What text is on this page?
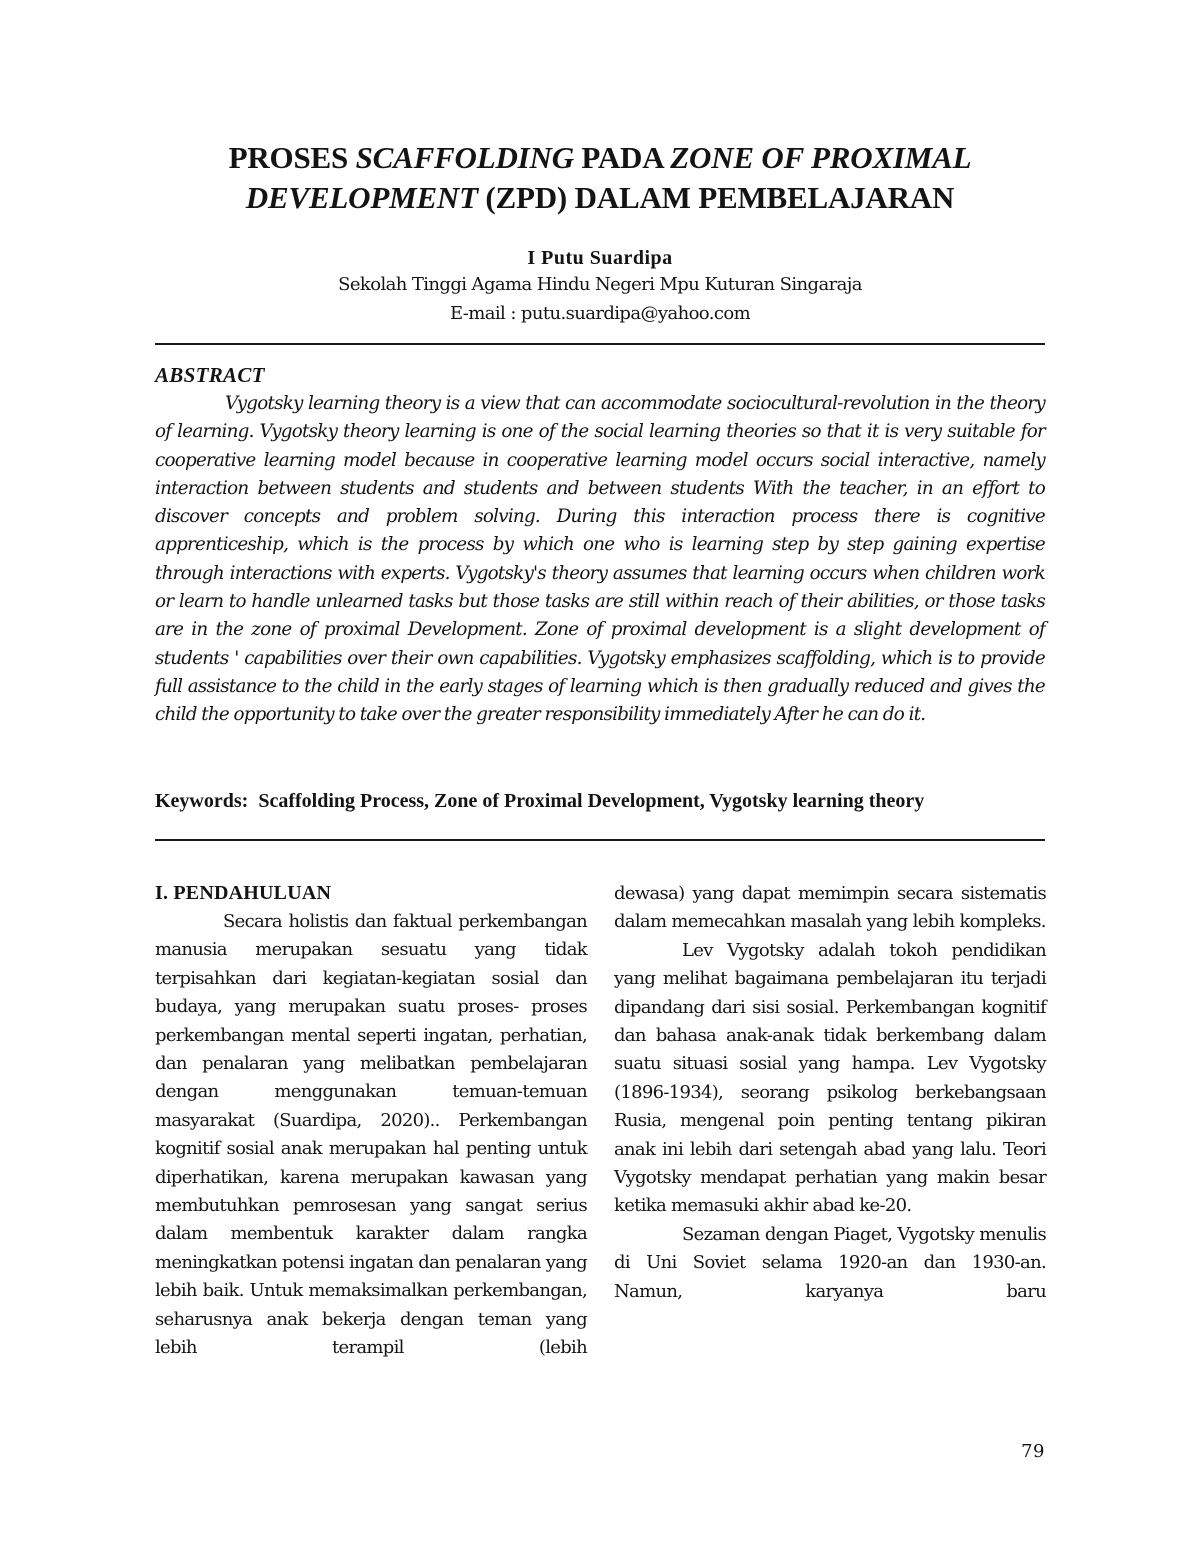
PROSES SCAFFOLDING PADA ZONE OF PROXIMAL
DEVELOPMENT (ZPD) DALAM PEMBELAJARAN
I Putu Suardipa
Sekolah Tinggi Agama Hindu Negeri Mpu Kuturan Singaraja
E-mail : putu.suardipa@yahoo.com
ABSTRACT

Vygotsky learning theory is a view that can accommodate sociocultural-revolution in the theory of learning. Vygotsky theory learning is one of the social learning theories so that it is very suitable for cooperative learning model because in cooperative learning model occurs social interactive, namely interaction between students and students and between students With the teacher, in an effort to discover concepts and problem solving. During this interaction process there is cognitive apprenticeship, which is the process by which one who is learning step by step gaining expertise through interactions with experts. Vygotsky's theory assumes that learning occurs when children work or learn to handle unlearned tasks but those tasks are still within reach of their abilities, or those tasks are in the zone of proximal Development. Zone of proximal development is a slight development of students ' capabilities over their own capabilities. Vygotsky emphasizes scaffolding, which is to provide full assistance to the child in the early stages of learning which is then gradually reduced and gives the child the opportunity to take over the greater responsibility immediately After he can do it.

Keywords: Scaffolding Process, Zone of Proximal Development, Vygotsky learning theory
I. PENDAHULUAN

Secara holistis dan faktual perkembangan manusia merupakan sesuatu yang tidak terpisahkan dari kegiatan-kegiatan sosial dan budaya, yang merupakan suatu proses- proses perkembangan mental seperti ingatan, perhatian, dan penalaran yang melibatkan pembelajaran dengan menggunakan temuan-temuan masyarakat (Suardipa, 2020).. Perkembangan kognitif sosial anak merupakan hal penting untuk diperhatikan, karena merupakan kawasan yang membutuhkan pemrosesan yang sangat serius dalam membentuk karakter dalam rangka meningkatkan potensi ingatan dan penalaran yang lebih baik. Untuk memaksimalkan perkembangan, seharusnya anak bekerja dengan teman yang lebih terampil (lebih

dewasa) yang dapat memimpin secara sistematis dalam memecahkan masalah yang lebih kompleks.

Lev Vygotsky adalah tokoh pendidikan yang melihat bagaimana pembelajaran itu terjadi dipandang dari sisi sosial. Perkembangan kognitif dan bahasa anak-anak tidak berkembang dalam suatu situasi sosial yang hampa. Lev Vygotsky (1896-1934), seorang psikolog berkebangsaan Rusia, mengenal poin penting tentang pikiran anak ini lebih dari setengah abad yang lalu. Teori Vygotsky mendapat perhatian yang makin besar ketika memasuki akhir abad ke-20.

Sezaman dengan Piaget, Vygotsky menulis di Uni Soviet selama 1920-an dan 1930-an. Namun, karyanya baru

79
